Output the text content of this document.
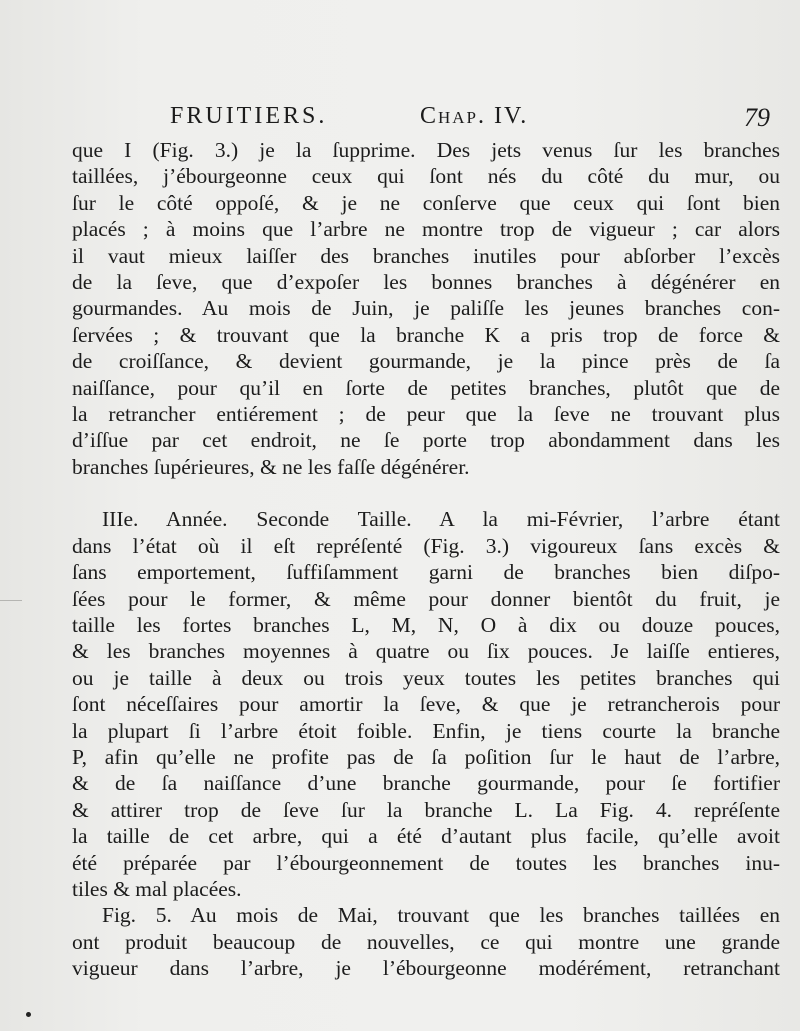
FRUITIERS.	Chap. IV.	79

que I (Fig. 3.) je la ſupprime. Des jets venus ſur les branches
taillées, j’ébourgeonne ceux qui ſont nés du côté du mur, ou
ſur le côté oppoſé, & je ne conſerve que ceux qui ſont bien
placés ; à moins que l’arbre ne montre trop de vigueur ; car alors
il vaut mieux laiſſer des branches inutiles pour abſorber l’excès
de la ſeve, que d’expoſer les bonnes branches à dégénérer en
gourmandes. Au mois de Juin, je paliſſe les jeunes branches con-
ſervées ; & trouvant que la branche K a pris trop de force &
de croiſſance, & devient gourmande, je la pince près de ſa
naiſſance, pour qu’il en ſorte de petites branches, plutôt que de
la retrancher entiérement ; de peur que la ſeve ne trouvant plus
d’iſſue par cet endroit, ne ſe porte trop abondamment dans les
branches ſupérieures, & ne les faſſe dégénérer.

IIIe. Année. Seconde Taille. A la mi-Février, l’arbre étant
dans l’état où il eſt repréſenté (Fig. 3.) vigoureux ſans excès &
ſans emportement, ſuffiſamment garni de branches bien diſpo-
ſées pour le former, & même pour donner bientôt du fruit, je
taille les fortes branches L, M, N, O à dix ou douze pouces,
& les branches moyennes à quatre ou ſix pouces. Je laiſſe entieres,
ou je taille à deux ou trois yeux toutes les petites branches qui
ſont néceſſaires pour amortir la ſeve, & que je retrancherois pour
la plupart ſi l’arbre étoit foible. Enfin, je tiens courte la branche
P, afin qu’elle ne profite pas de ſa poſition ſur le haut de l’arbre,
& de ſa naiſſance d’une branche gourmande, pour ſe fortifier
& attirer trop de ſeve ſur la branche L. La Fig. 4. repréſente
la taille de cet arbre, qui a été d’autant plus facile, qu’elle avoit
été préparée par l’ébourgeonnement de toutes les branches inu-
tiles & mal placées.

Fig. 5. Au mois de Mai, trouvant que les branches taillées en
ont produit beaucoup de nouvelles, ce qui montre une grande
vigueur dans l’arbre, je l’ébourgeonne modérément, retranchant
